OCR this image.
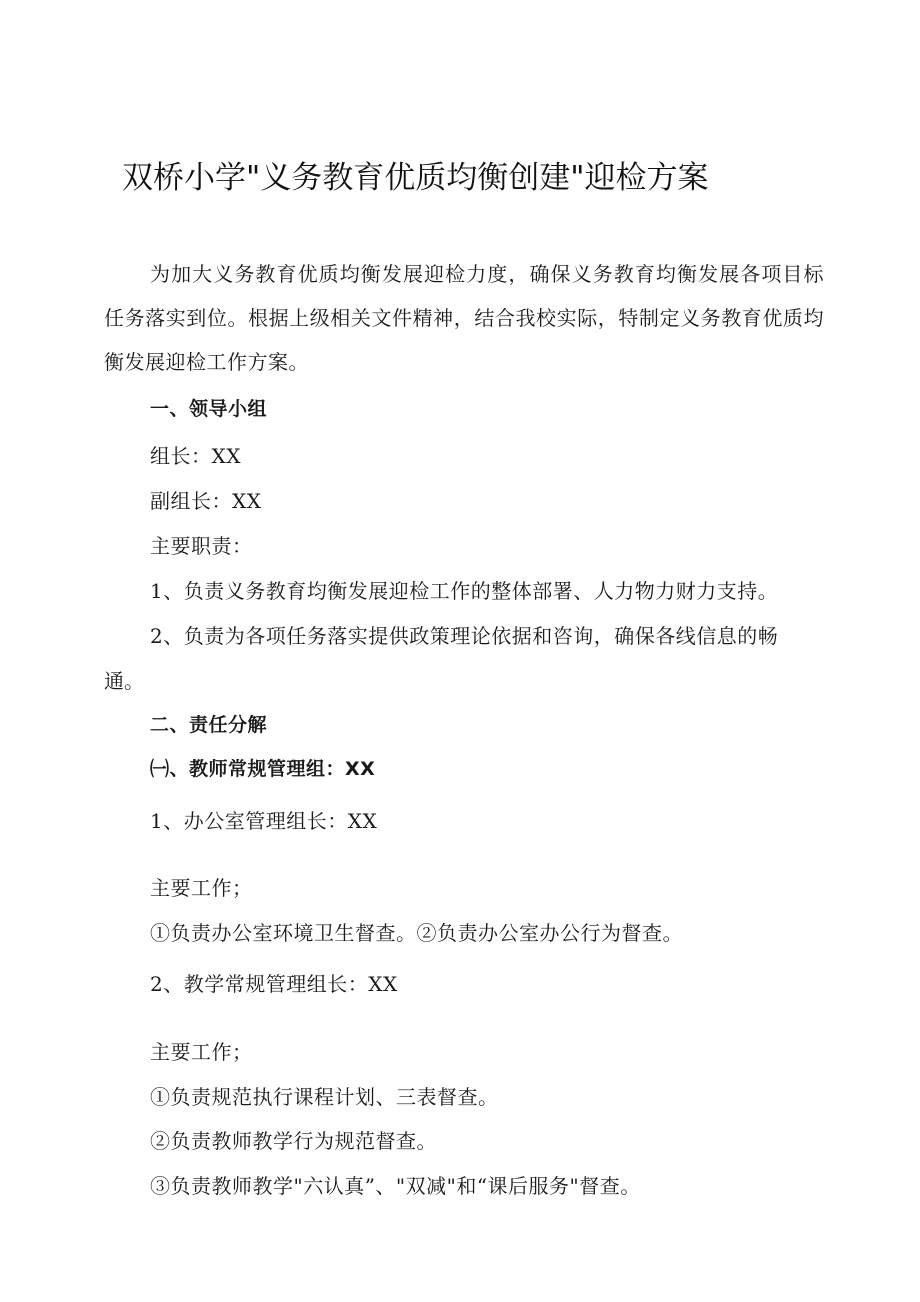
双桥小学"义务教育优质均衡创建"迎检方案
为加大义务教育优质均衡发展迎检力度，确保义务教育均衡发展各项目标任务落实到位。根据上级相关文件精神，结合我校实际，特制定义务教育优质均衡发展迎检工作方案。
一、领导小组
组长：XX
副组长：XX
主要职责：
1、负责义务教育均衡发展迎检工作的整体部署、人力物力财力支持。
2、负责为各项任务落实提供政策理论依据和咨询，确保各线信息的畅
通。
二、责任分解
㈠、教师常规管理组：XX
1、办公室管理组长：XX
主要工作；
①负责办公室环境卫生督查。②负责办公室办公行为督查。
2、教学常规管理组长：XX
主要工作；
①负责规范执行课程计划、三表督查。
②负责教师教学行为规范督查。
③负责教师教学"六认真”、"双减"和“课后服务"督查。
